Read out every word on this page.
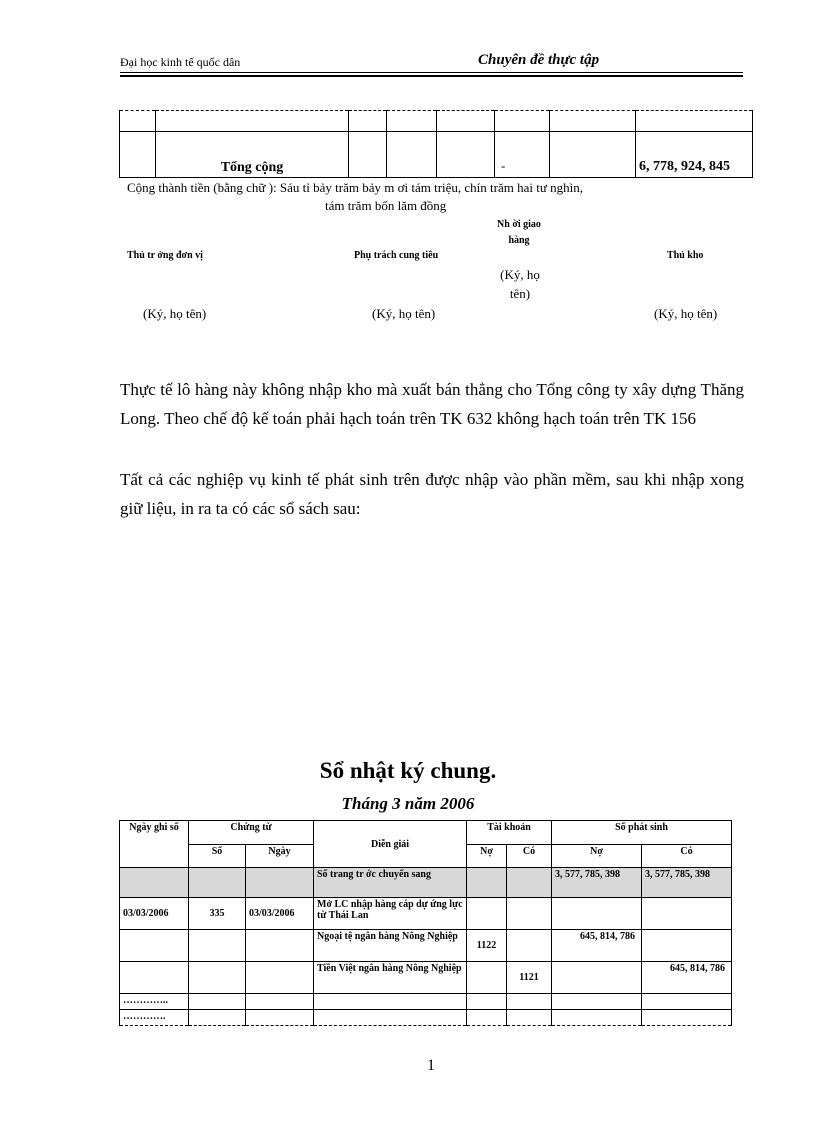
Đại học kinh tế quốc dân	Chuyên đề thực tập

	Tổng cộng				-		6, 778, 924, 845
Cộng thành tiền (bằng chữ ): Sáu tỉ bảy trăm bảy m ơi tám triệu, chín trăm hai tư nghìn,
tám trăm bốn lăm đồng
Thủ tr ởng đơn vị	Phụ trách cung tiêu
Nh ời giao hàng
Thủ kho
(Ký, họ tên)	(Ký, họ tên)
(Ký, họ tên)
(Ký, họ tên)
Thực tế lô hàng này không nhập kho mà xuất bán thẳng cho Tổng công ty xây dựng Thăng Long. Theo chế độ kế toán phải hạch toán trên TK 632 không hạch toán trên TK 156
Tất cả các nghiệp vụ kinh tế phát sinh trên được nhập vào phần mềm, sau khi nhập xong giữ liệu, in ra ta có các sổ sách sau:
Sổ nhật ký chung.
Tháng 3 năm 2006
Ngày ghi sổ	Chứng từ		Diễn giải	Tài khoản		Số phát sinh	
	Số	Ngày		Nợ	Có	Nợ	Có
			Số trang tr ớc chuyển sang			3, 577, 785, 398	3, 577, 785, 398
03/03/2006	335	03/03/2006	Mở LC nhập hàng cáp dự ứng lực từ Thái Lan				
			Ngoại tệ ngân hàng Nông Nghiệp	1122		645, 814, 786	
			Tiền Việt ngân hàng Nông Nghiệp		1121		645, 814, 786
…………..							
………….							
1
